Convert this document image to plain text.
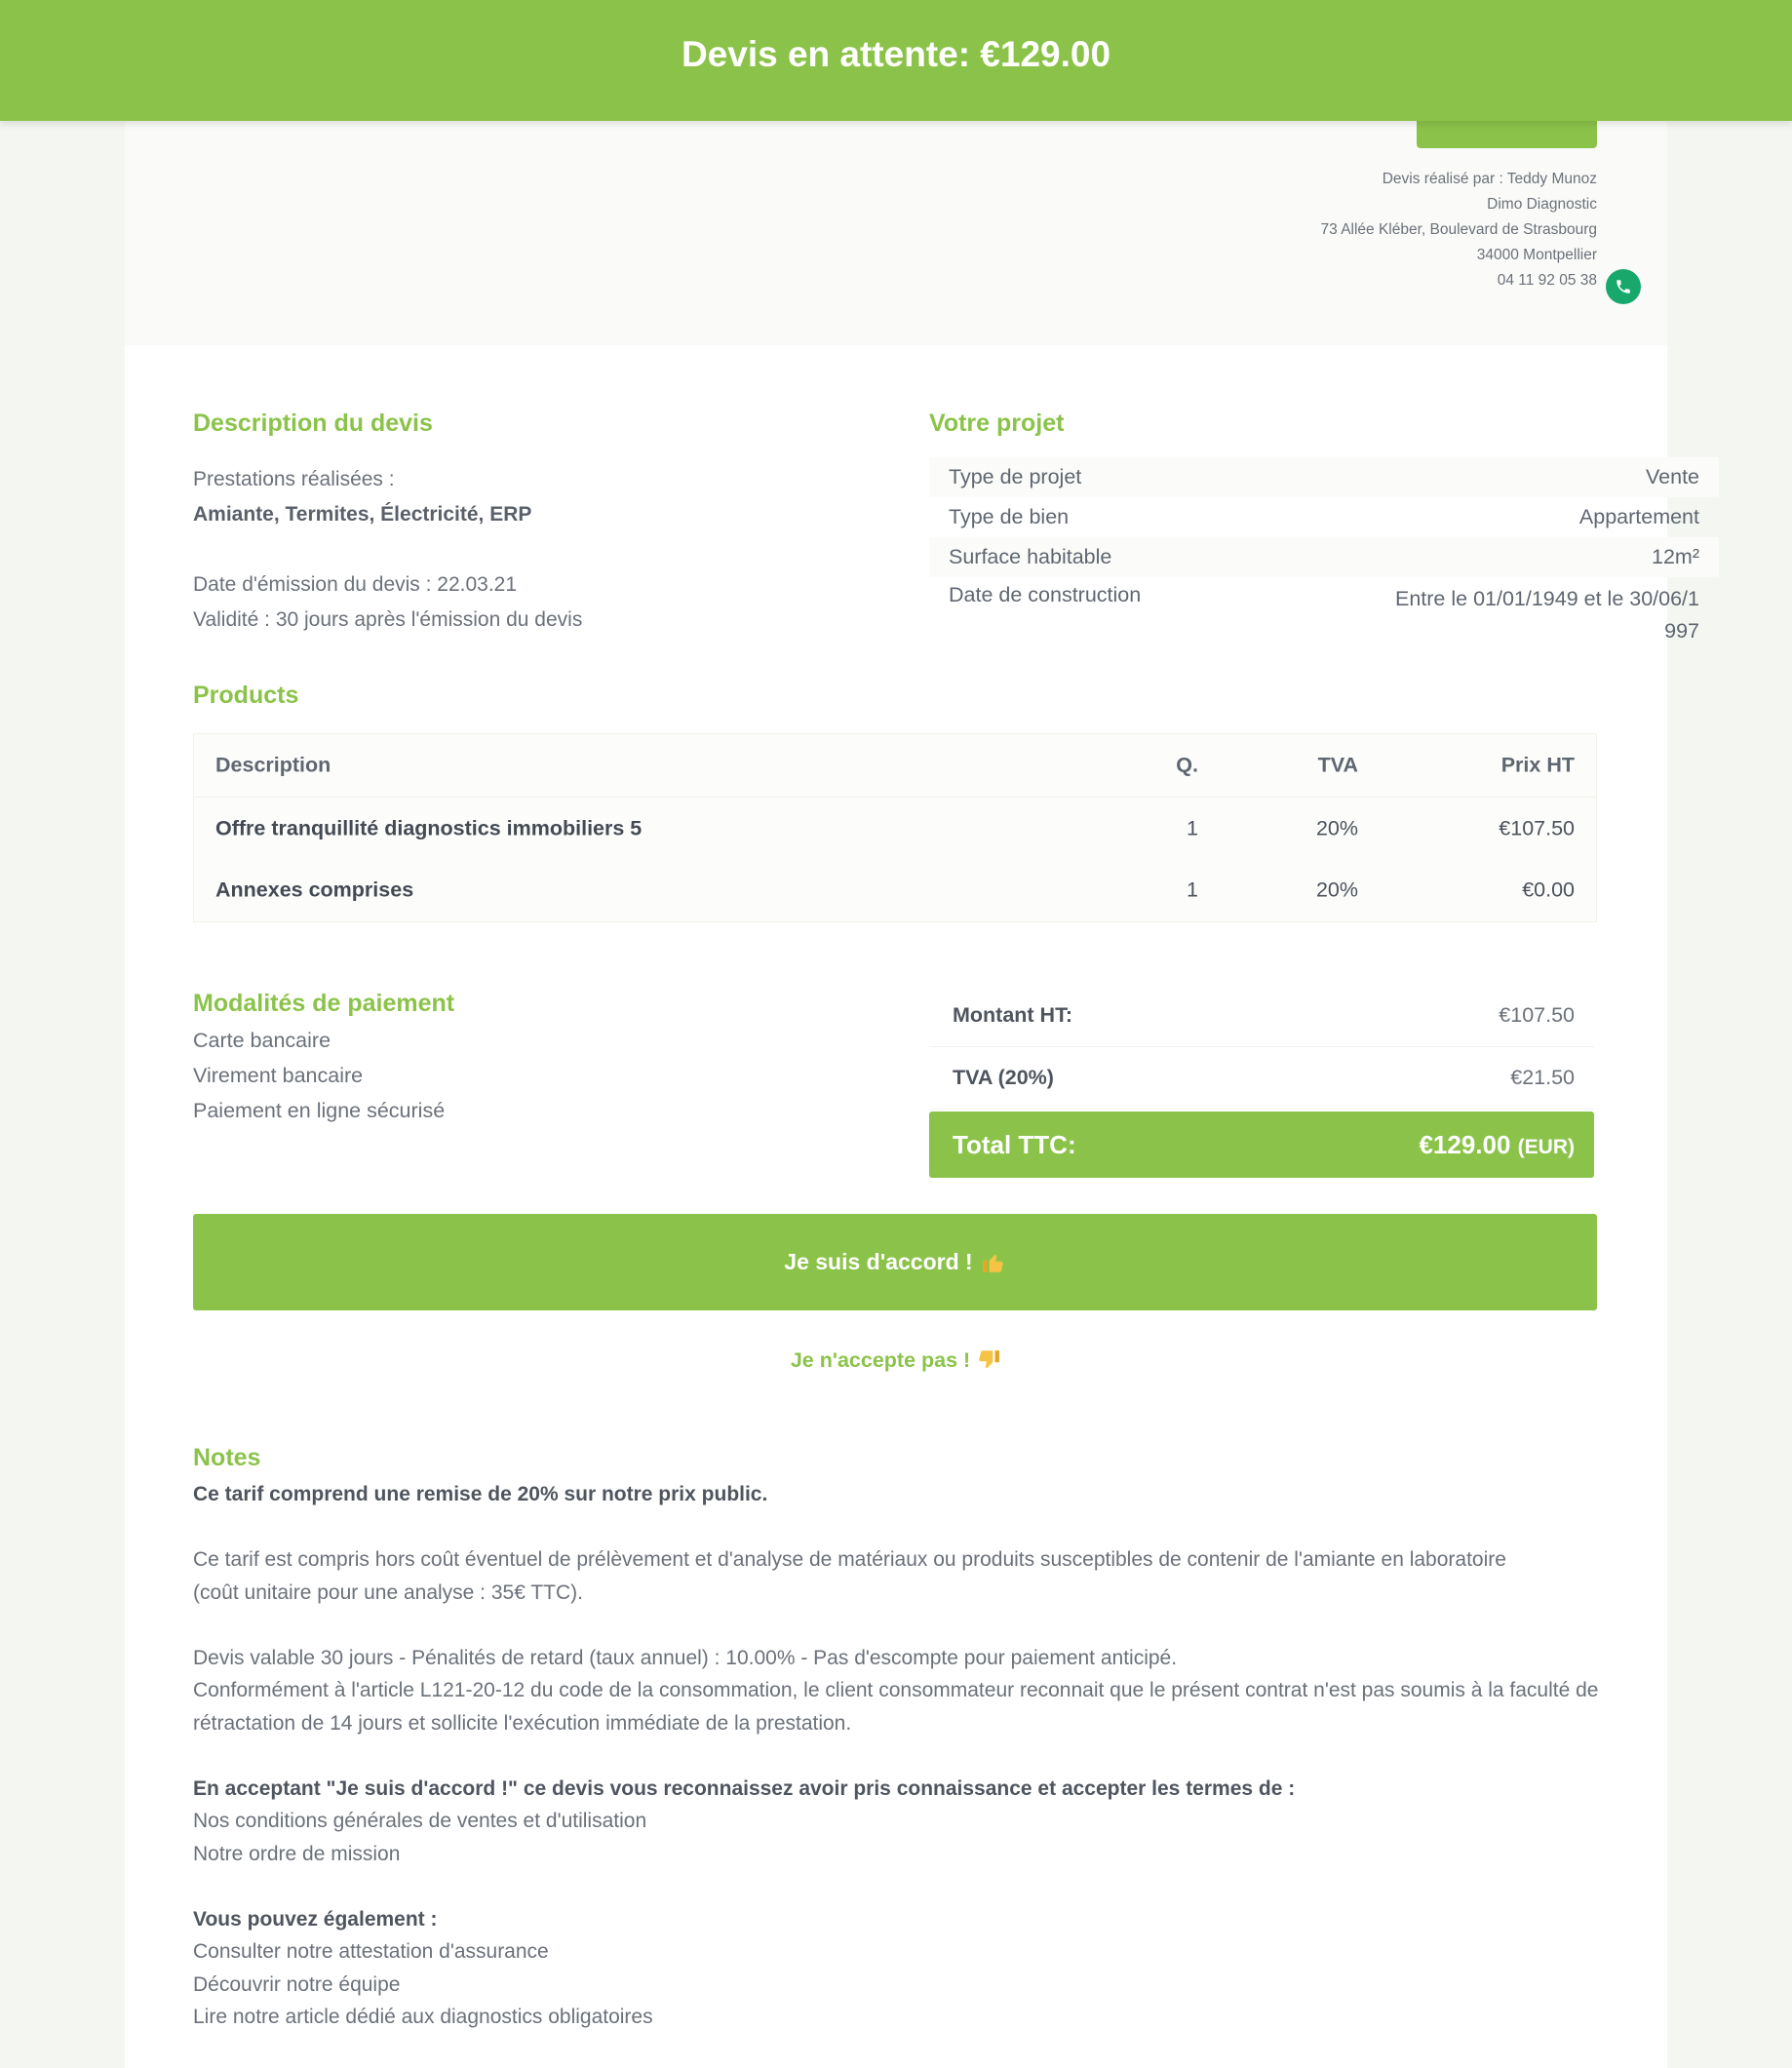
Devis en attente: €129.00
Devis réalisé par : Teddy Munoz
Dimo Diagnostic
73 Allée Kléber, Boulevard de Strasbourg
34000 Montpellier
04 11 92 05 38
Description du devis
Prestations réalisées :
Amiante, Termites, Électricité, ERP
Date d'émission du devis : 22.03.21
Validité : 30 jours après l'émission du devis
Votre projet
Type de projet	Vente
Type de bien	Appartement
Surface habitable	12m²
Date de construction	Entre le 01/01/1949 et le 30/06/1997
Products
Description	Q.	TVA	Prix HT
Offre tranquillité diagnostics immobiliers 5	1	20%	€107.50
Annexes comprises	1	20%	€0.00
Modalités de paiement
Carte bancaire
Virement bancaire
Paiement en ligne sécurisé
Montant HT:	€107.50
TVA (20%)	€21.50
Total TTC:	€129.00 (EUR)
Je suis d'accord !
Je n'accepte pas !
Notes
Ce tarif comprend une remise de 20% sur notre prix public.
Ce tarif est compris hors coût éventuel de prélèvement et d'analyse de matériaux ou produits susceptibles de contenir de l'amiante en laboratoire
(coût unitaire pour une analyse : 35€ TTC).
Devis valable 30 jours - Pénalités de retard (taux annuel) : 10.00% - Pas d'escompte pour paiement anticipé.
Conformément à l'article L121-20-12 du code de la consommation, le client consommateur reconnait que le présent contrat n'est pas soumis à la faculté de rétractation de 14 jours et sollicite l'exécution immédiate de la prestation.
En acceptant "Je suis d'accord !" ce devis vous reconnaissez avoir pris connaissance et accepter les termes de :
Nos conditions générales de ventes et d'utilisation
Notre ordre de mission
Vous pouvez également :
Consulter notre attestation d'assurance
Découvrir notre équipe
Lire notre article dédié aux diagnostics obligatoires
